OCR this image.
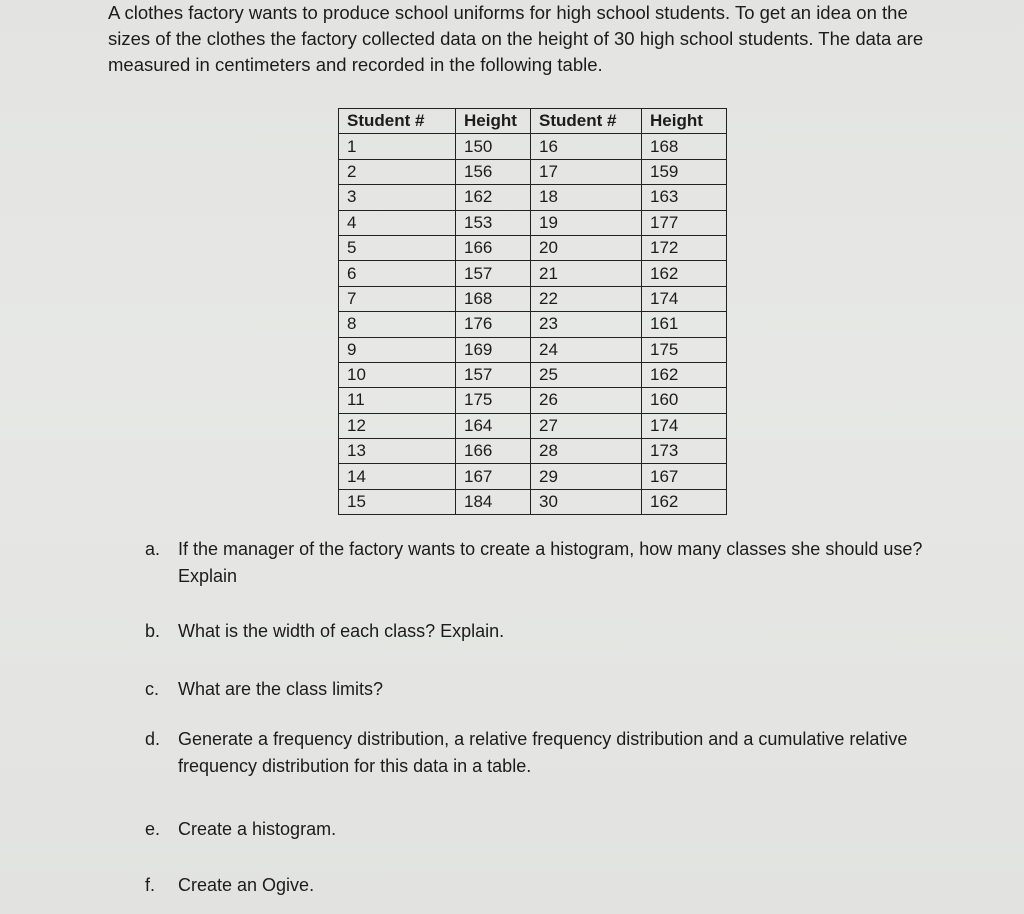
A clothes factory wants to produce school uniforms for high school students. To get an idea on the sizes of the clothes the factory collected data on the height of 30 high school students. The data are measured in centimeters and recorded in the following table.

Student #	Height	Student #	Height
1	150	16	168
2	156	17	159
3	162	18	163
4	153	19	177
5	166	20	172
6	157	21	162
7	168	22	174
8	176	23	161
9	169	24	175
10	157	25	162
11	175	26	160
12	164	27	174
13	166	28	173
14	167	29	167
15	184	30	162
a. If the manager of the factory wants to create a histogram, how many classes she should use? Explain
b. What is the width of each class? Explain.
c. What are the class limits?
d. Generate a frequency distribution, a relative frequency distribution and a cumulative relative frequency distribution for this data in a table.
e. Create a histogram.
f. Create an Ogive.
